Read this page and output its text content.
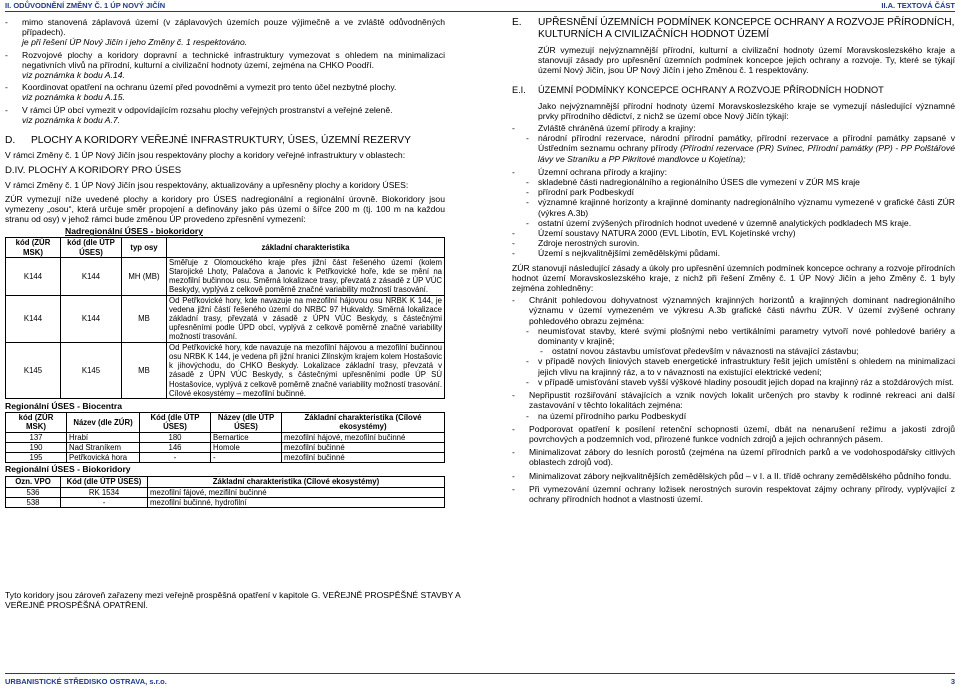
II. ODŮVODNĚNÍ ZMĚNY Č. 1 ÚP NOVÝ JIČÍN	II.A. TEXTOVÁ ČÁST

- mimo stanovená záplavová území (v záplavových územích pouze výjimečně a ve zvláště odůvodněných případech).
je při řešení ÚP Nový Jičín i jeho Změny č. 1 respektováno.

- Rozvojové plochy a koridory dopravní a technické infrastruktury vymezovat s ohledem na minimalizaci negativních vlivů na přírodní, kulturní a civilizační hodnoty území, zejména na CHKO Poodří.
viz poznámka k bodu A.14.

- Koordinovat opatření na ochranu území před povodněmi a vymezit pro tento účel nezbytné plochy.
viz poznámka k bodu A.15.

- V rámci ÚP obcí vymezit v odpovídajícím rozsahu plochy veřejných prostranství a veřejné zeleně.
viz poznámka k bodu A.7.

D.	PLOCHY A KORIDORY VEŘEJNÉ INFRASTRUKTURY, ÚSES, ÚZEMNÍ REZERVY

V rámci Změny č. 1 ÚP Nový Jičín jsou respektovány plochy a koridory veřejné infrastruktury v oblastech:

D.IV. PLOCHY A KORIDORY PRO ÚSES

V rámci Změny č. 1 ÚP Nový Jičín jsou respektovány, aktualizovány a upřesněny plochy a koridory ÚSES:

ZÚR vymezují níže uvedené plochy a koridory pro ÚSES nadregionální a regionální úrovně. Biokoridory jsou vymezeny „osou“, která určuje směr propojení a definovány jako pás území o šířce 200 m (tj. 100 m na každou stranu od osy) v jehož rámci bude změnou ÚP provedeno zpřesnění vymezení:

Nadregionální ÚSES - biokoridory

kód (ZÚR MSK)	kód (dle ÚTP ÚSES)	typ osy	základní charakteristika
K144	K144	MH (MB)	Směřuje z Olomouckého kraje přes jižní část řešeného území (kolem Starojické Lhoty, Palačova a Janovic k Petřkovické hoře, kde se mění na mezofilní bučinnou osu. Směrná lokalizace trasy, převzatá z zásadě z ÚP VÚC Beskydy, vyplývá z celkově poměrně značné variability možností trasování.
K144	K144	MB	Od Petřkovické hory, kde navazuje na mezofilní hájovou osu NRBK K 144, je vedena jižní částí řešeného území do NRBC 97 Hukvaldy. Směrná lokalizace základní trasy, převzatá v zásadě z ÚPN VÚC Beskydy, s částečnými upřesněními podle ÚPD obcí, vyplývá z celkově poměrně značné variability možností trasování.
K145	K145	MB	Od Petřkovické hory, kde navazuje na mezofilní hájovou a mezofilní bučinnou osu NRBK K 144, je vedena při jižní hranici Zlínským krajem kolem Hostašovic k jihovýchodu, do CHKO Beskydy. Lokalizace základní trasy, převzatá v zásadě z ÚPN VÚC Beskydy, s částečnými upřesněními podle ÚP SÚ Hostašovice, vyplývá z celkově poměrně značné variability možností trasování. Cílové ekosystémy – mezofilní bučinné.

Regionální ÚSES - Biocentra

kód (ZÚR MSK)	Název (dle ZÚR)	Kód (dle ÚTP ÚSES)	Název (dle ÚTP ÚSES)	Základní charakteristika (Cílové ekosystémy)
137	Hrabí	180	Bernartice	mezofilní hájové, mezofilní bučinné
190	Nad Straníkem	146	Homole	mezofilní bučinné
195	Petřkovická hora	-	-	mezofilní bučinné

Regionální ÚSES - Biokoridory

Ozn. VPO	Kód (dle ÚTP ÚSES)	Základní charakteristika (Cílové ekosystémy)
536	RK 1534	mezofilní fájové, mezifilní bučinné
538	-	mezofilní bučinné, hydrofilní

Tyto koridory jsou zároveň zařazeny mezi veřejně prospěšná opatření v kapitole G. VEŘEJNĚ PROSPĚŠNÉ STAVBY A VEŘEJNĚ PROSPĚŠNÁ OPATŘENÍ.

E.	UPŘESNĚNÍ ÚZEMNÍCH PODMÍNEK KONCEPCE OCHRANY A ROZVOJE PŘÍRODNÍCH, KULTURNÍCH A CIVILIZAČNÍCH HODNOT ÚZEMÍ

ZÚR vymezují nejvýznamnější přírodní, kulturní a civilizační hodnoty území Moravskoslezského kraje a stanovují zásady pro upřesnění územních podmínek koncepce jejich ochrany a rozvoje. Ty, které se týkají území Nový Jičín, jsou ÚP Nový Jičín i jeho Změnou č. 1 respektovány.

E.I.	ÚZEMNÍ PODMÍNKY KONCEPCE OCHRANY A ROZVOJE PŘÍRODNÍCH HODNOT

Jako nejvýznamnější přírodní hodnoty území Moravskoslezského kraje se vymezují následující významné prvky přírodního dědictví, z nichž se území obce Nový Jičín týkají:

-	Zvláště chráněná území přírody a krajiny:

- národní přírodní rezervace, národní přírodní památky, přírodní rezervace a přírodní památky zapsané v Ústředním seznamu ochrany přírody (Přírodní rezervace (PR) Svinec, Přírodní památky (PP) - PP Polštářové lávy ve Straníku a PP Pikritové mandlovce u Kojetína);

-	Územní ochrana přírody a krajiny:

- skladebné části nadregionálního a regionálního ÚSES dle vymezení v ZÚR MS kraje

- přírodní park Podbeskydí

- významné krajinné horizonty a krajinné dominanty nadregionálního významu vymezené v grafické části ZÚR (výkres A.3b)

- ostatní území zvýšených přírodních hodnot uvedené v územně analytických podkladech MS kraje.

-	Území soustavy NATURA 2000 (EVL Libotín, EVL Kojetínské vrchy)

-	Zdroje nerostných surovin.

-	Území s nejkvalitnějšími zemědělskými půdami.

ZÚR stanovují následující zásady a úkoly pro upřesnění územních podmínek koncepce ochrany a rozvoje přírodních hodnot území Moravskoslezského kraje, z nichž při řešení Změny č. 1 ÚP Nový Jičín a jeho Změny č. 1 byly zejména zohledněny:

- Chránit pohledovou dohyvatnost významných krajinných horizontů a krajinných dominant nadregionálního významu v území vymezeném ve výkresu A.3b grafické části návrhu ZÚR. V území zvýšené ochrany pohledového obrazu zejména:

- neumisťovat stavby, které svými plošnými nebo vertikálními parametry vytvoří nové pohledové bariéry a dominanty v krajině;

- ostatní novou zástavbu umísťovat především v návaznosti na stávající zástavbu;

- v případě nových liniových staveb energetické infrastruktury řešit jejich umístění s ohledem na minimalizaci jejich vlivu na krajinný ráz, a to v návaznosti na existující elektrické vedení;

- v případě umisťování staveb vyšší výškové hladiny posoudit jejich dopad na krajinný ráz a stoždárových míst.

- Nepřipustit rozšiřování stávajících a vznik nových lokalit určených pro stavby k rodinné rekreaci ani další zastavování v těchto lokalitách zejména:

- na území přírodního parku Podbeskydí

- Podporovat opatření k posílení retenční schopnosti území, dbát na nenarušení režimu a jakosti zdrojů povrchových a podzemních vod, přirozené funkce vodních zdrojů a jejich ochranných pásem.

- Minimalizovat zábory do lesních porostů (zejména na území přírodních parků a ve vodohospodářsky citlivých oblastech zdrojů vod).

- Minimalizovat zábory nejkvalitnějších zemědělských půd – v I. a II. třídě ochrany zemědělského půdního fondu.

- Při vymezování územní ochrany ložisek nerostných surovin respektovat zájmy ochrany přírody, vyplývající z ochrany přírodních hodnot a vlastnosti území.

URBANISTICKÉ STŘEDISKO OSTRAVA, s.r.o.	3
